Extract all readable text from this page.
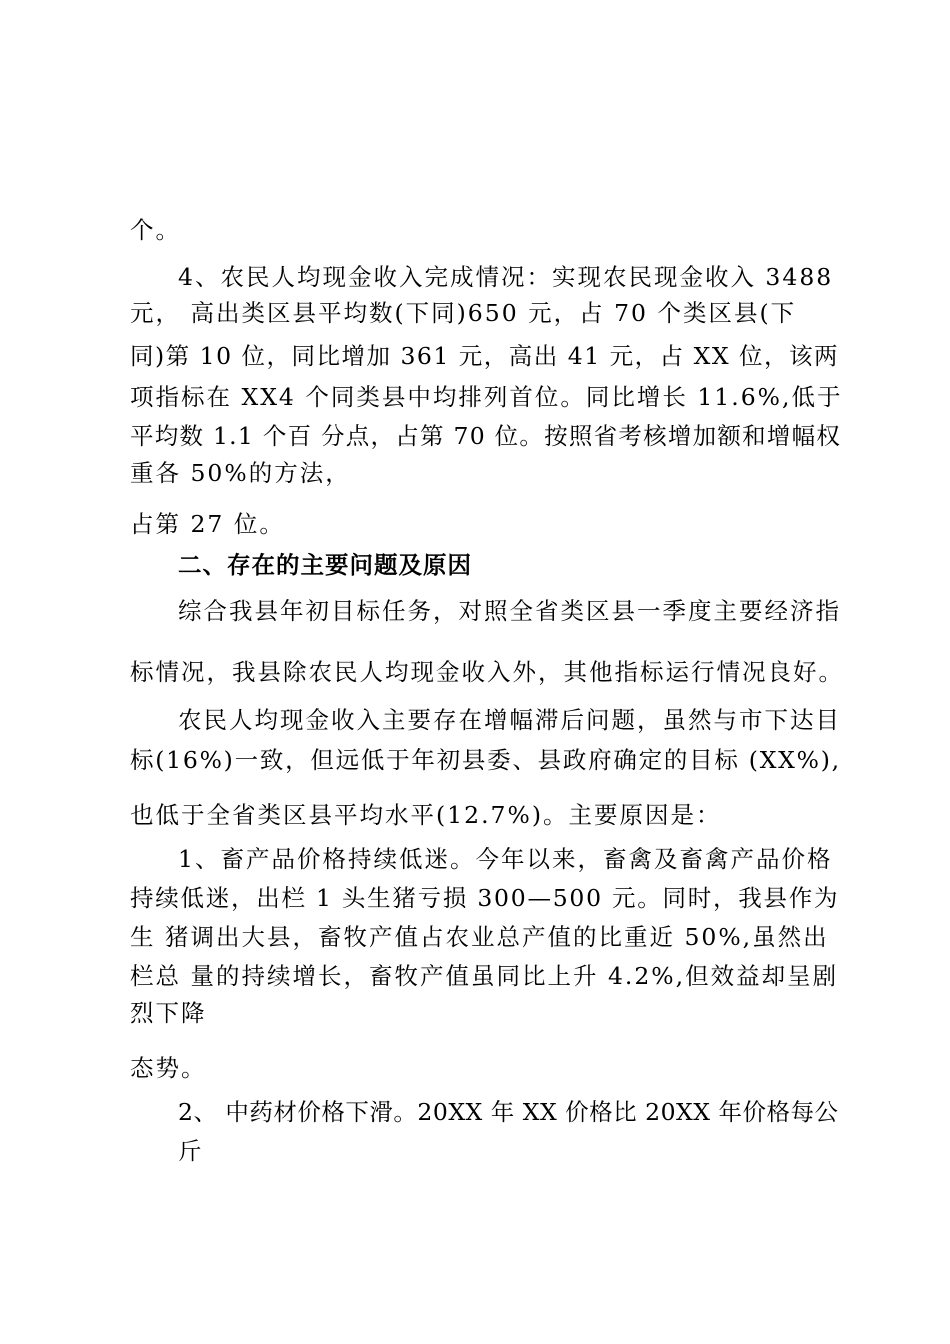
个。
4、农民人均现金收入完成情况：实现农民现金收入 3488
元， 高出类区县平均数(下同)650 元，占 70 个类区县(下
同)第 10 位，同比增加 361 元，高出 41 元，占 XX 位，该两
项指标在 XX4 个同类县中均排列首位。同比增长 11.6%,低于
平均数 1.1 个百 分点，占第 70 位。按照省考核增加额和增幅权
重各 50%的方法，
占第 27 位。
二、存在的主要问题及原因
综合我县年初目标任务，对照全省类区县一季度主要经济指
标情况，我县除农民人均现金收入外，其他指标运行情况良好。
农民人均现金收入主要存在增幅滞后问题，虽然与市下达目
标(16%)一致，但远低于年初县委、县政府确定的目标 (XX%),
也低于全省类区县平均水平(12.7%)。主要原因是：
1、畜产品价格持续低迷。今年以来，畜禽及畜禽产品价格
持续低迷，出栏 1 头生猪亏损 300—500 元。同时，我县作为
生 猪调出大县，畜牧产值占农业总产值的比重近 50%,虽然出
栏总 量的持续增长，畜牧产值虽同比上升 4.2%,但效益却呈剧
烈下降
态势。
2、 中药材价格下滑。20XX 年 XX 价格比 20XX 年价格每公
斤
